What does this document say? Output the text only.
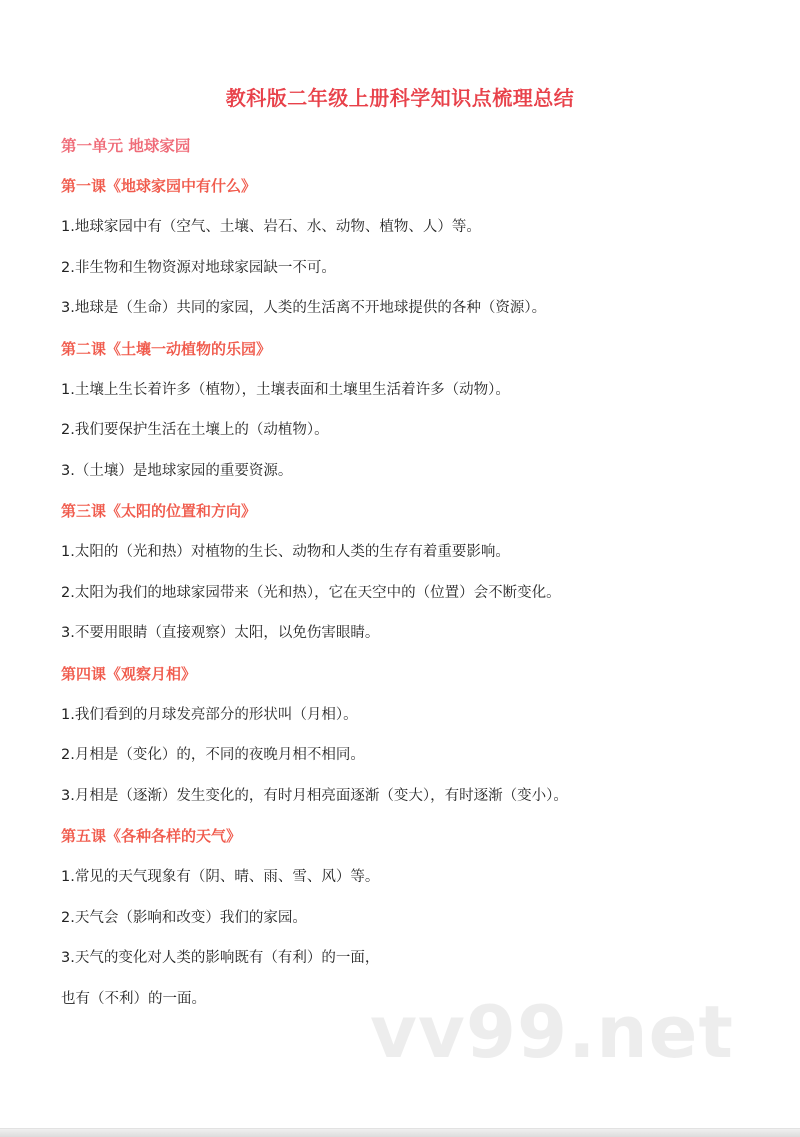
教科版二年级上册科学知识点梳理总结
第一单元 地球家园
第一课《地球家园中有什么》
1.地球家园中有（空气、土壤、岩石、水、动物、植物、人）等。
2.非生物和生物资源对地球家园缺一不可。
3.地球是（生命）共同的家园，人类的生活离不开地球提供的各种（资源）。
第二课《土壤一动植物的乐园》
1.土壤上生长着许多（植物），土壤表面和土壤里生活着许多（动物）。
2.我们要保护生活在土壤上的（动植物）。
3.（土壤）是地球家园的重要资源。
第三课《太阳的位置和方向》
1.太阳的（光和热）对植物的生长、动物和人类的生存有着重要影响。
2.太阳为我们的地球家园带来（光和热），它在天空中的（位置）会不断变化。
3.不要用眼睛（直接观察）太阳，以免伤害眼睛。
第四课《观察月相》
1.我们看到的月球发亮部分的形状叫（月相）。
2.月相是（变化）的，不同的夜晚月相不相同。
3.月相是（逐渐）发生变化的，有时月相亮面逐渐（变大），有时逐渐（变小）。
第五课《各种各样的天气》
1.常见的天气现象有（阴、晴、雨、雪、风）等。
2.天气会（影响和改变）我们的家园。
3.天气的变化对人类的影响既有（有利）的一面，
也有（不利）的一面。	vv99.net
